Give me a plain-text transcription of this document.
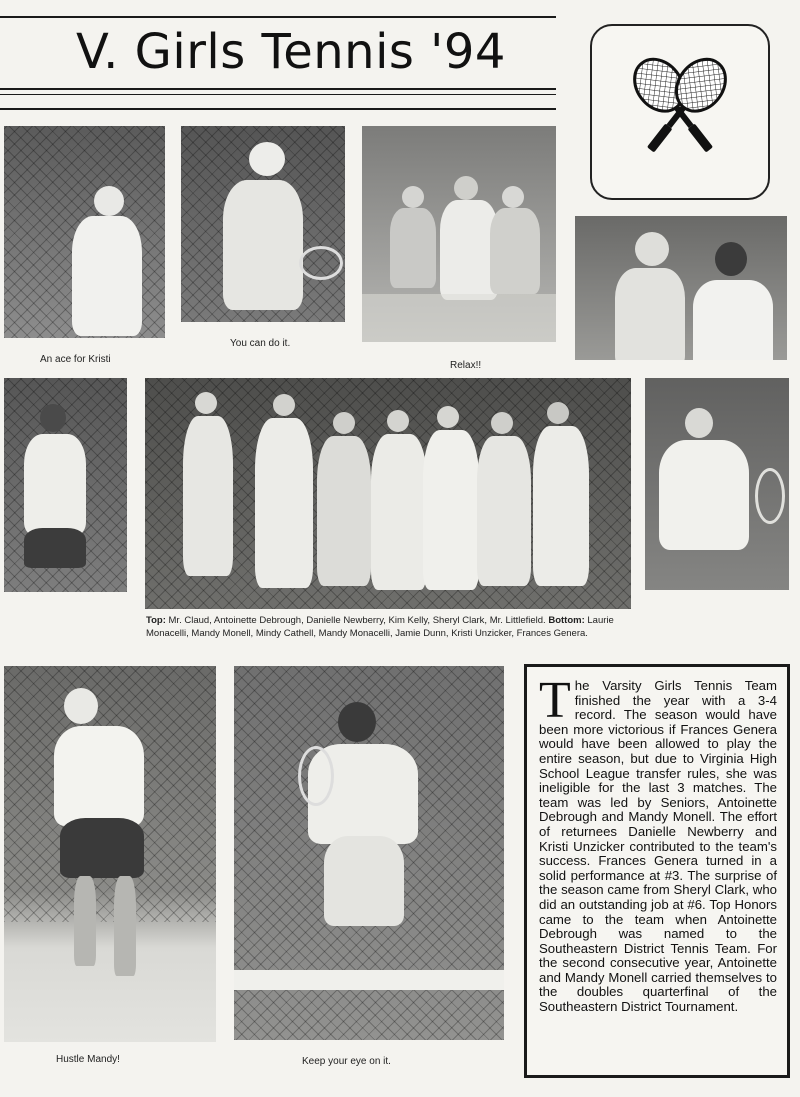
V. Girls Tennis '94
An ace for Kristi
You can do it.
Relax!!
Top: Mr. Claud, Antoinette Debrough, Danielle Newberry, Kim Kelly, Sheryl Clark, Mr. Littlefield. Bottom: Laurie Monacelli, Mandy Monell, Mindy Cathell, Mandy Monacelli, Jamie Dunn, Kristi Unzicker, Frances Genera.
Hustle Mandy!	Keep your eye on it.

The Varsity Girls Tennis Team finished the year with a 3-4 record. The season would have been more victorious if Frances Genera would have been allowed to play the entire season, but due to Virginia High School League transfer rules, she was ineligible for the last 3 matches. The team was led by Seniors, Antoinette Debrough and Mandy Monell. The effort of returnees Danielle Newberry and Kristi Unzicker contributed to the team's success. Frances Genera turned in a solid performance at #3. The surprise of the season came from Sheryl Clark, who did an outstanding job at #6. Top Honors came to the team when Antoinette Debrough was named to the Southeastern District Tennis Team. For the second consecutive year, Antoinette and Mandy Monell carried themselves to the doubles quarterfinal of the Southeastern District Tournament.
